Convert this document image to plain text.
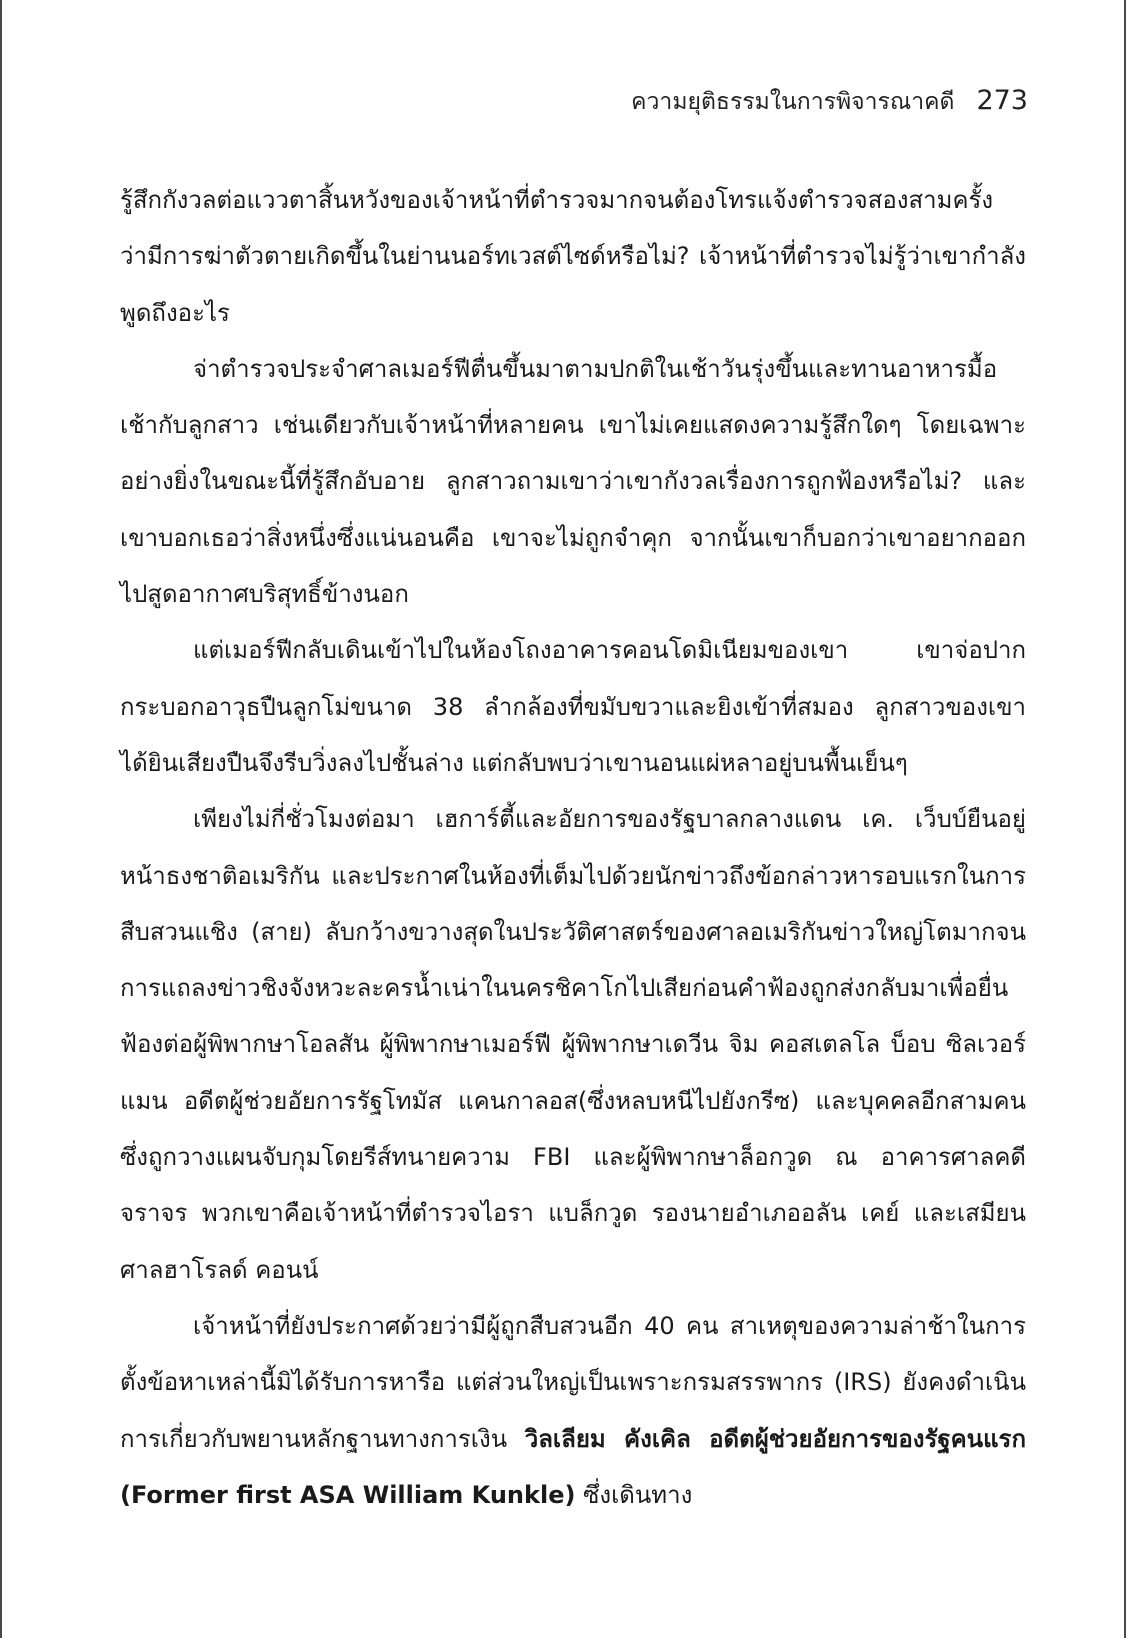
ความยุติธรรมในการพิจารณาคดี 273

รู้สึกกังวลต่อแววตาสิ้นหวังของเจ้าหน้าที่ตำรวจมากจนต้องโทรแจ้งตำรวจสองสามครั้ง ว่ามีการฆ่าตัวตายเกิดขึ้นในย่านนอร์ทเวสต์ไซด์หรือไม่? เจ้าหน้าที่ตำรวจไม่รู้ว่าเขากำลังพูดถึงอะไร

จ่าตำรวจประจำศาลเมอร์ฟีตื่นขึ้นมาตามปกติในเช้าวันรุ่งขึ้นและทานอาหารมื้อเช้ากับลูกสาว เช่นเดียวกับเจ้าหน้าที่หลายคน เขาไม่เคยแสดงความรู้สึกใดๆ โดยเฉพาะอย่างยิ่งในขณะนี้ที่รู้สึกอับอาย ลูกสาวถามเขาว่าเขากังวลเรื่องการถูกฟ้องหรือไม่? และเขาบอกเธอว่าสิ่งหนึ่งซึ่งแน่นอนคือ เขาจะไม่ถูกจำคุก จากนั้นเขาก็บอกว่าเขาอยากออกไปสูดอากาศบริสุทธิ์ข้างนอก

แต่เมอร์ฟีกลับเดินเข้าไปในห้องโถงอาคารคอนโดมิเนียมของเขา เขาจ่อปากกระบอกอาวุธปืนลูกโม่ขนาด 38 ลำกล้องที่ขมับขวาและยิงเข้าที่สมอง ลูกสาวของเขาได้ยินเสียงปืนจึงรีบวิ่งลงไปชั้นล่าง แต่กลับพบว่าเขานอนแผ่หลาอยู่บนพื้นเย็นๆ

เพียงไม่กี่ชั่วโมงต่อมา เฮการ์ตี้และอัยการของรัฐบาลกลางแดน เค. เว็บบ์ยืนอยู่หน้าธงชาติอเมริกัน และประกาศในห้องที่เต็มไปด้วยนักข่าวถึงข้อกล่าวหารอบแรกในการสืบสวนแชิง (สาย) ลับกว้างขวางสุดในประวัติศาสตร์ของศาลอเมริกันข่าวใหญ่โตมากจนการแถลงข่าวชิงจังหวะละครน้ำเน่าในนครชิคาโกไปเสียก่อนคำฟ้องถูกส่งกลับมาเพื่อยื่นฟ้องต่อผู้พิพากษาโอลสัน ผู้พิพากษาเมอร์ฟี ผู้พิพากษาเดวีน จิม คอสเตลโล บ็อบ ซิลเวอร์แมน อดีตผู้ช่วยอัยการรัฐโทมัส แคนกาลอส(ซึ่งหลบหนีไปยังกรีซ) และบุคคลอีกสามคนซึ่งถูกวางแผนจับกุมโดยรีส์ทนายความ FBI และผู้พิพากษาล็อกวูด ณ อาคารศาลคดีจราจร พวกเขาคือเจ้าหน้าที่ตำรวจไอรา แบล็กวูด รองนายอำเภออลัน เคย์ และเสมียนศาลฮาโรลด์ คอนน์

เจ้าหน้าที่ยังประกาศด้วยว่ามีผู้ถูกสืบสวนอีก 40 คน สาเหตุของความล่าช้าในการตั้งข้อหาเหล่านี้มิได้รับการหารือ แต่ส่วนใหญ่เป็นเพราะกรมสรรพากร (IRS) ยังคงดำเนินการเกี่ยวกับพยานหลักฐานทางการเงิน วิลเลียม คังเคิล อดีตผู้ช่วยอัยการของรัฐคนแรก (Former first ASA William Kunkle) ซึ่งเดินทาง
